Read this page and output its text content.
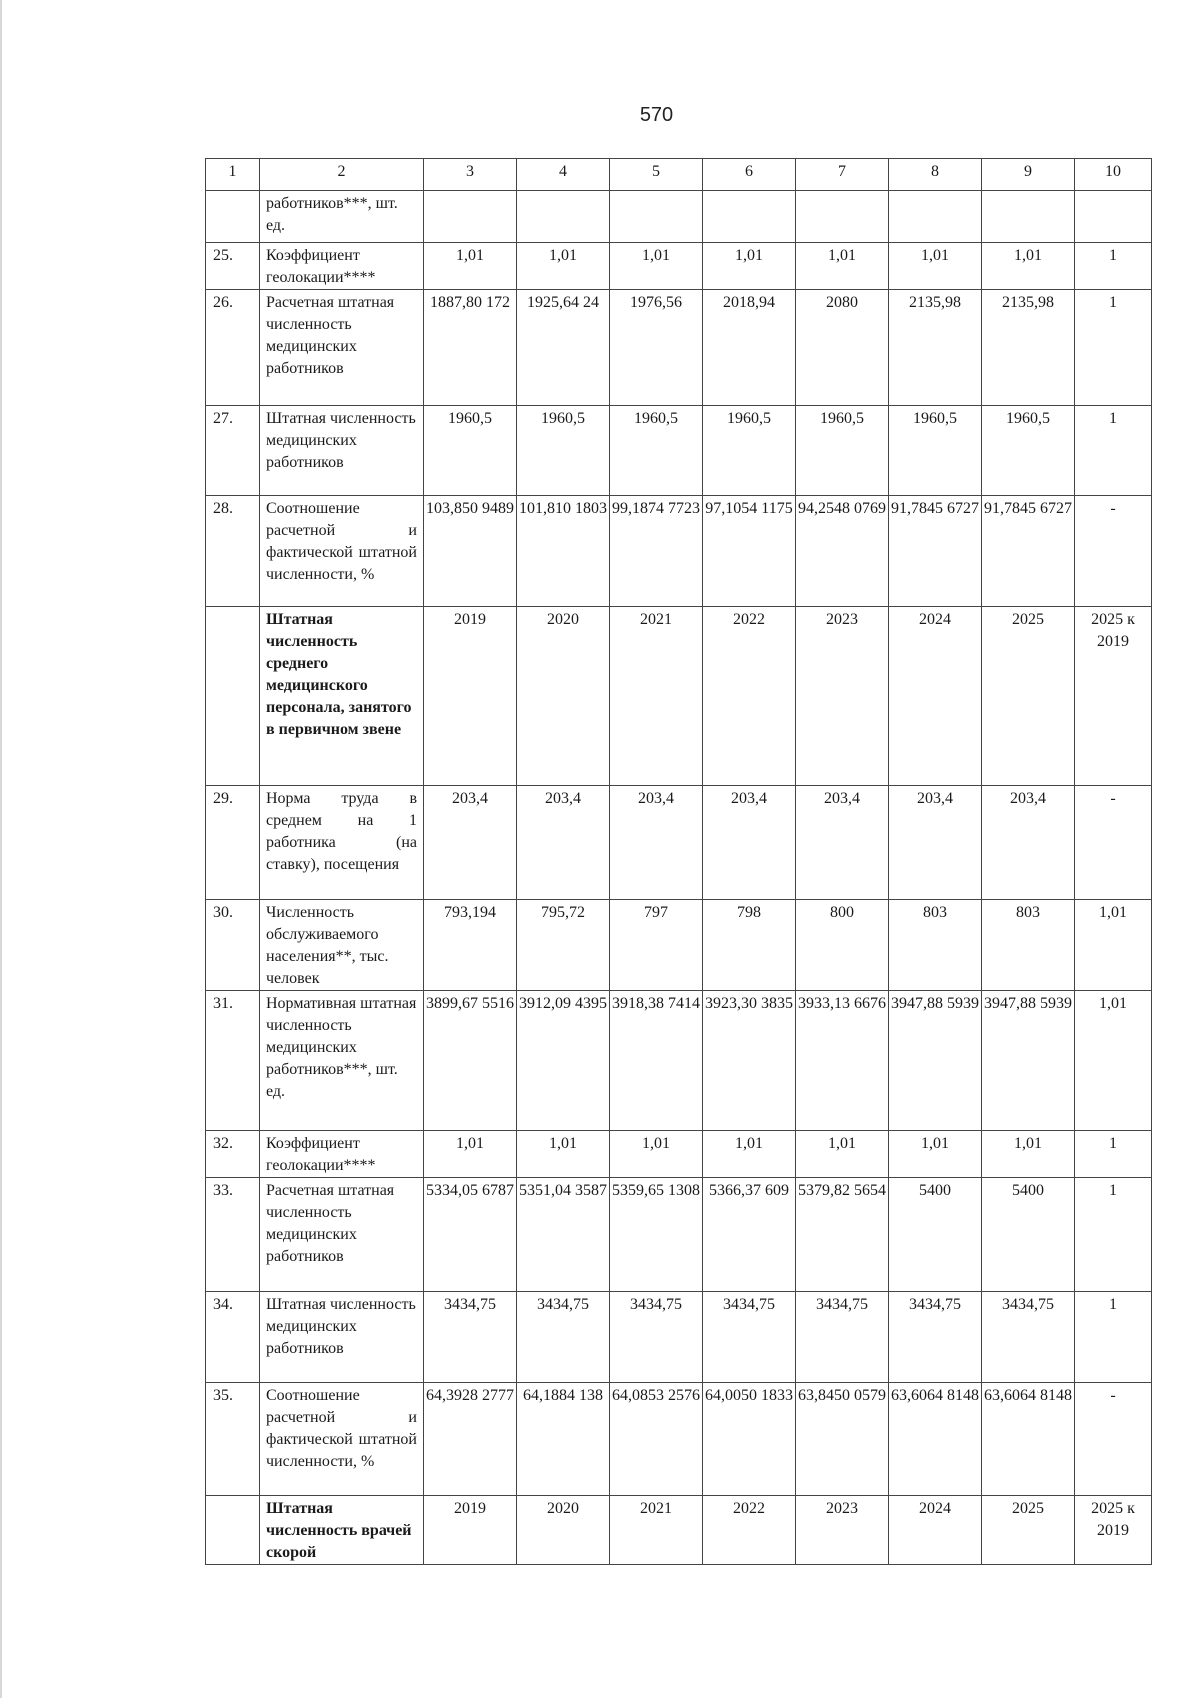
570
1	2	3	4	5	6	7	8	9	10
	работников***, шт. ед.								
25.	Коэффициент геолокации****	1,01	1,01	1,01	1,01	1,01	1,01	1,01	1
26.	Расчетная штатная численность медицинских работников	1887,80 172	1925,64 24	1976,56	2018,94	2080	2135,98	2135,98	1
27.	Штатная численность медицинских работников	1960,5	1960,5	1960,5	1960,5	1960,5	1960,5	1960,5	1
28.	Соотношение расчетной и фактической штатной численности, %	103,850 9489	101,810 1803	99,1874 7723	97,1054 1175	94,2548 0769	91,7845 6727	91,7845 6727	-
	Штатная численность среднего медицинского персонала, занятого в первичном звене	2019	2020	2021	2022	2023	2024	2025	2025 к 2019
29.	Норма труда в среднем на 1 работника (на ставку), посещения	203,4	203,4	203,4	203,4	203,4	203,4	203,4	-
30.	Численность обслуживаемого населения**, тыс. человек	793,194	795,72	797	798	800	803	803	1,01
31.	Нормативная штатная численность медицинских работников***, шт. ед.	3899,67 5516	3912,09 4395	3918,38 7414	3923,30 3835	3933,13 6676	3947,88 5939	3947,88 5939	1,01
32.	Коэффициент геолокации****	1,01	1,01	1,01	1,01	1,01	1,01	1,01	1
33.	Расчетная штатная численность медицинских работников	5334,05 6787	5351,04 3587	5359,65 1308	5366,37 609	5379,82 5654	5400	5400	1
34.	Штатная численность медицинских работников	3434,75	3434,75	3434,75	3434,75	3434,75	3434,75	3434,75	1
35.	Соотношение расчетной и фактической штатной численности, %	64,3928 2777	64,1884 138	64,0853 2576	64,0050 1833	63,8450 0579	63,6064 8148	63,6064 8148	-
	Штатная численность врачей скорой	2019	2020	2021	2022	2023	2024	2025	2025 к 2019
